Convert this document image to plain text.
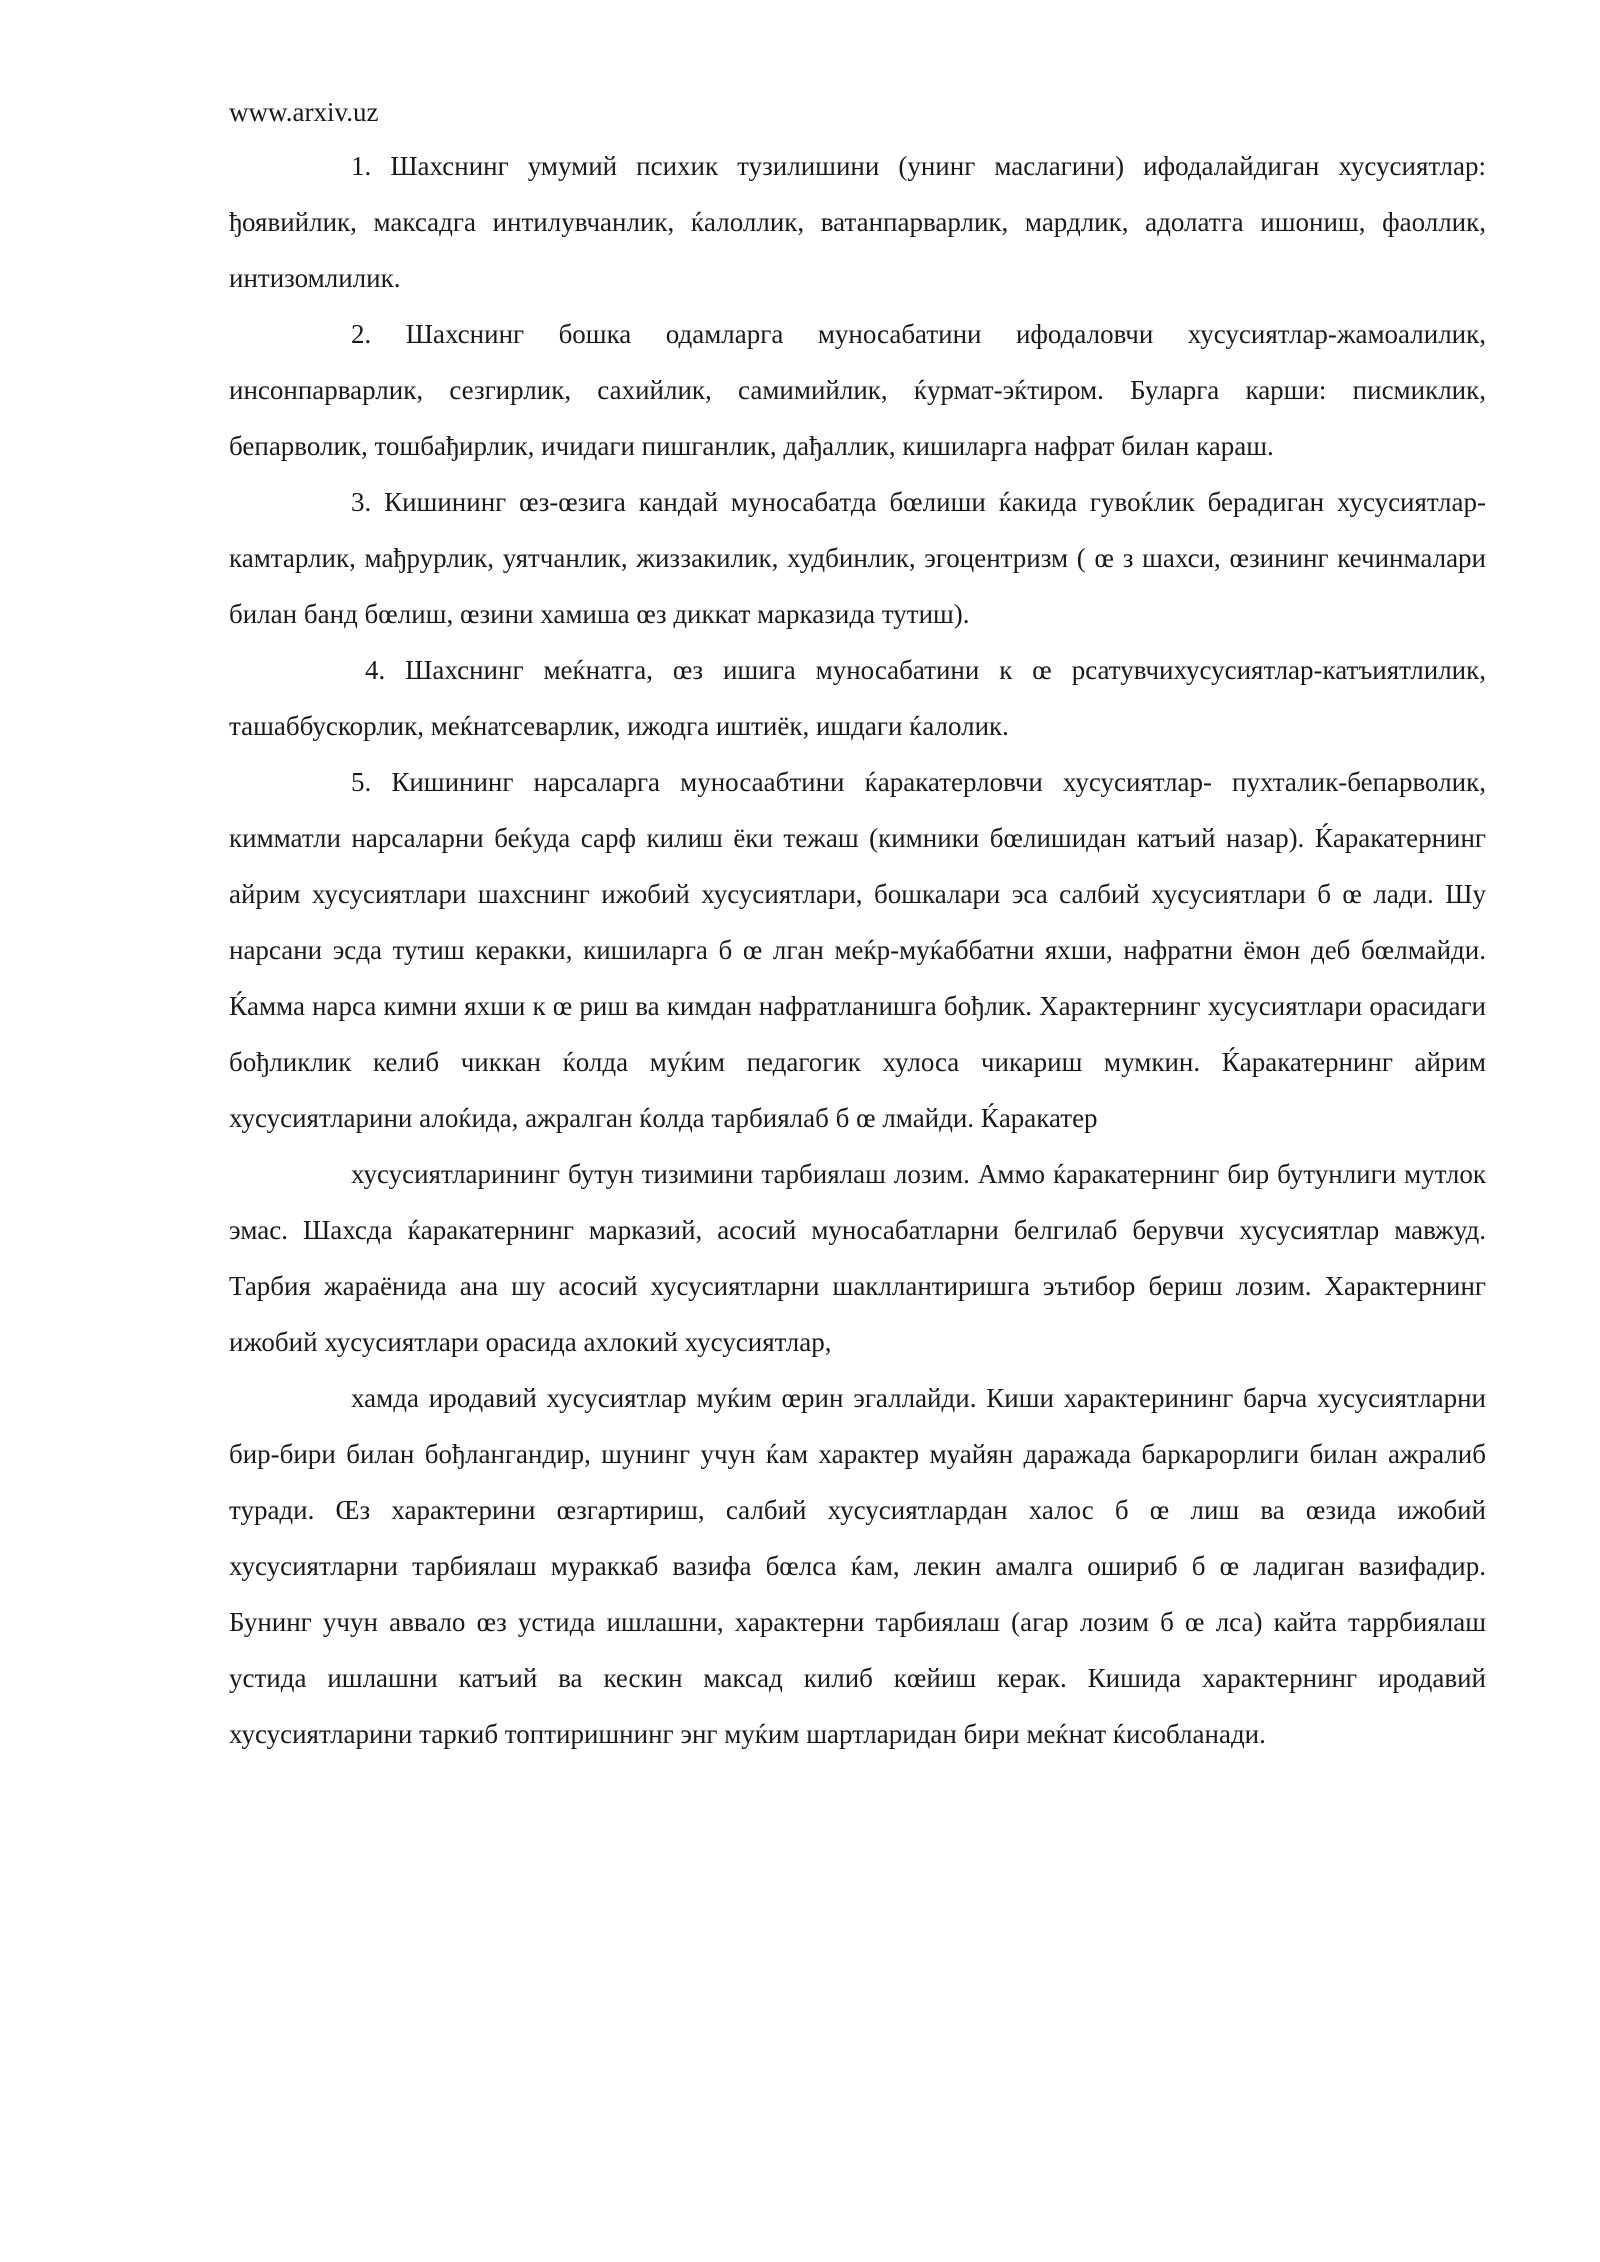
www.arxiv.uz

1. Шахснинг умумий психик тузилишини (унинг маслагини) ифодалайдиган хусусиятлар: ђоявийлик, максадга интилувчанлик, ќалоллик, ватанпарварлик, мардлик, адолатга ишониш, фаоллик, интизомлилик.

2. Шахснинг бошка одамларга муносабатини ифодаловчи хусусиятлар-жамоалилик, инсонпарварлик, сезгирлик, сахийлик, самимийлик, ќурмат-эќтиром. Буларга карши: писмиклик, бепарволик, тошбађирлик, ичидаги пишганлик, дађаллик, кишиларга нафрат билан караш.

3. Кишининг œз-œзига кандай муносабатда бœлиши ќакида гувоќлик берадиган хусусиятлар-камтарлик, мађрурлик, уятчанлик, жиззакилик, худбинлик, эгоцентризм ( œ з шахси, œзининг кечинмалари билан банд бœлиш, œзини хамиша œз диккат марказида тутиш).

4. Шахснинг меќнатга, œз ишига муносабатини к œ рсатувчихусусиятлар-катъиятлилик, ташаббускорлик, меќнатсеварлик, ижодга иштиёк, ишдаги ќалолик.

5. Кишининг нарсаларга муносаабтини ќаракатерловчи хусусиятлар- пухталик-бепарволик, кимматли нарсаларни беќуда сарф килиш ёки тежаш (кимники бœлишидан катъий назар). Ќаракатернинг айрим хусусиятлари шахснинг ижобий хусусиятлари, бошкалари эса салбий хусусиятлари б œ лади. Шу нарсани эсда тутиш керакки, кишиларга б œ лган меќр-муќаббатни яхши, нафратни ёмон деб бœлмайди. Ќамма нарса кимни яхши к œ риш ва кимдан нафратланишга бођлик. Характернинг хусусиятлари орасидаги бођликлик келиб чиккан ќолда муќим педагогик хулоса чикариш мумкин. Ќаракатернинг айрим хусусиятларини алоќида, ажралган ќолда тарбиялаб б œ лмайди. Ќаракатер

хусусиятларининг бутун тизимини тарбиялаш лозим. Аммо ќаракатернинг бир бутунлиги мутлок эмас. Шахсда ќаракатернинг марказий, асосий муносабатларни белгилаб берувчи хусусиятлар мавжуд. Тарбия жараёнида ана шу асосий хусусиятларни шакллантиришга эътибор бериш лозим. Характернинг ижобий хусусиятлари орасида ахлокий хусусиятлар,

хамда иродавий хусусиятлар муќим œрин эгаллайди. Киши характерининг барча хусусиятларни бир-бири билан бођлангандир, шунинг учун ќам характер муайян даражада баркарорлиги билан ажралиб туради. Œз характерини œзгартириш, салбий хусусиятлардан халос б œ лиш ва œзида ижобий хусусиятларни тарбиялаш мураккаб вазифа бœлса ќам, лекин амалга ошириб б œ ладиган вазифадир. Бунинг учун аввало œз устида ишлашни, характерни тарбиялаш (агар лозим б œ лса) кайта таррбиялаш устида ишлашни катъий ва кескин максад килиб кœйиш керак. Кишида характернинг иродавий хусусиятларини таркиб топтиришнинг энг муќим шартларидан бири меќнат ќисобланади.
